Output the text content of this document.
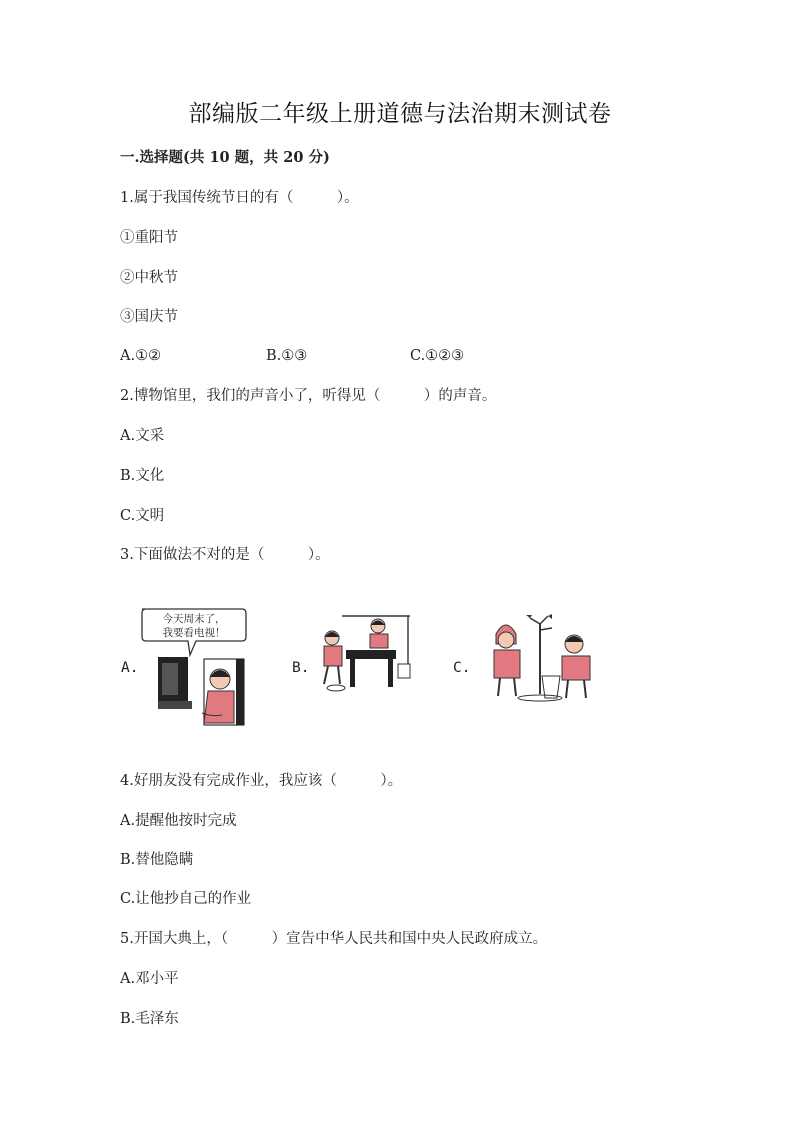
部编版二年级上册道德与法治期末测试卷
一.选择题(共 10 题，共 20 分)
1.属于我国传统节日的有（　　　）。
①重阳节
②中秋节
③国庆节
A.①②	B.①③	C.①②③
2.博物馆里，我们的声音小了，听得见（　　　）的声音。
A.文采
B.文化
C.文明
3.下面做法不对的是（　　　）。
A.	B.	C.
今天周末了，
我要看电视！
4.好朋友没有完成作业，我应该（　　　）。
A.提醒他按时完成
B.替他隐瞒
C.让他抄自己的作业
5.开国大典上，（　　　）宣告中华人民共和国中央人民政府成立。
A.邓小平
B.毛泽东
